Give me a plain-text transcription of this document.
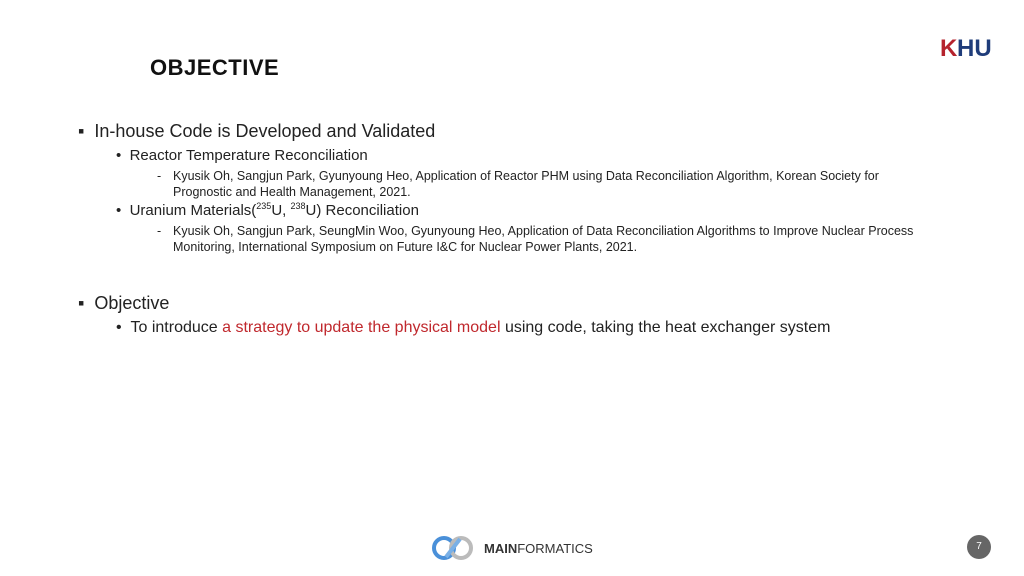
OBJECTIVE
K HU
▪ In-house Code is Developed and Validated
•  Reactor Temperature Reconciliation
- Kyusik Oh, Sangjun Park, Gyunyoung Heo, Application of Reactor PHM using Data Reconciliation Algorithm, Korean Society for Prognostic and Health Management, 2021.
•  Uranium Materials($^{235}$U, $^{238}$U) Reconciliation
- Kyusik Oh, Sangjun Park, SeungMin Woo, Gyunyoung Heo, Application of Data Reconciliation Algorithms to Improve Nuclear Process Monitoring, International Symposium on Future I&C for Nuclear Power Plants, 2021.
▪ Objective
•  To introduce a strategy to update the physical model using code, taking the heat exchanger system
MAINFORMATICS	7
